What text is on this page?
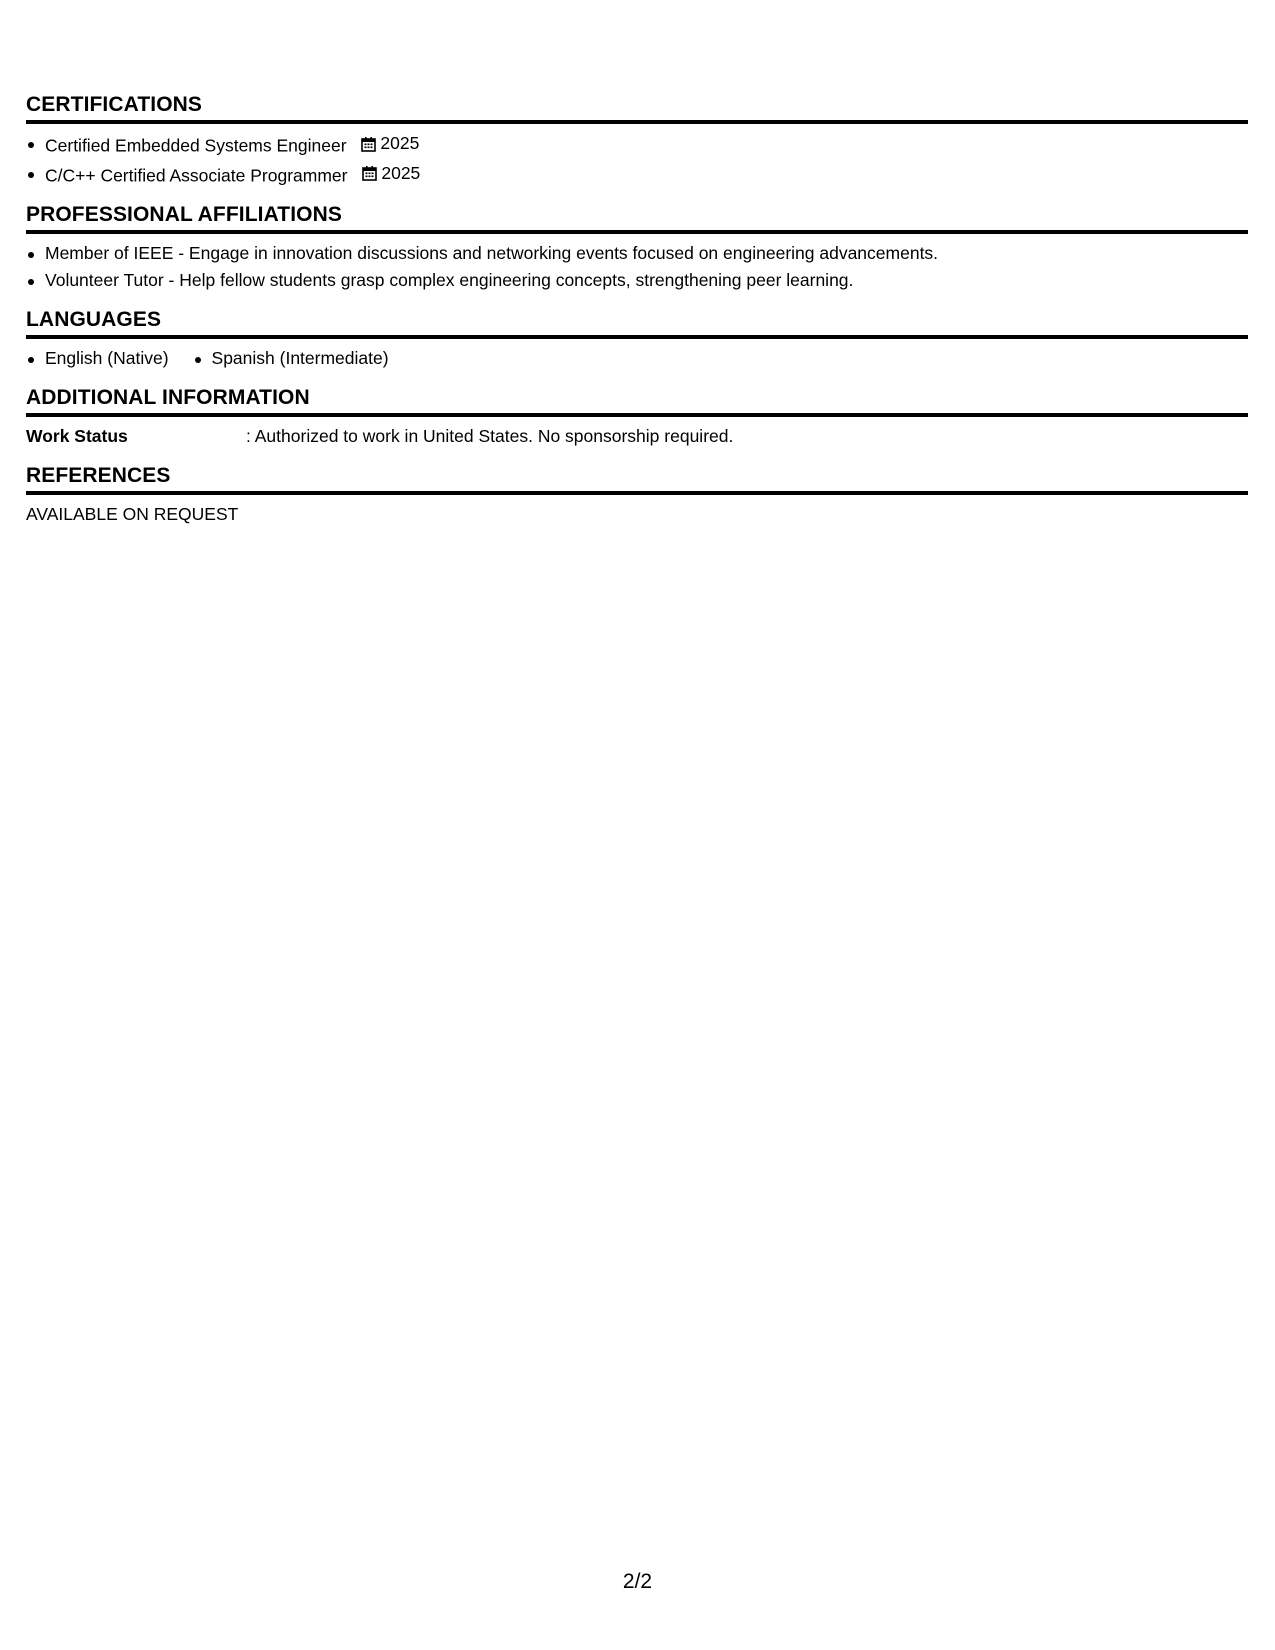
CERTIFICATIONS
Certified Embedded Systems Engineer 2025
C/C++ Certified Associate Programmer 2025
PROFESSIONAL AFFILIATIONS
Member of IEEE - Engage in innovation discussions and networking events focused on engineering advancements.
Volunteer Tutor - Help fellow students grasp complex engineering concepts, strengthening peer learning.
LANGUAGES
English (Native)	Spanish (Intermediate)
ADDITIONAL INFORMATION
Work Status	: Authorized to work in United States. No sponsorship required.
REFERENCES
AVAILABLE ON REQUEST
2/2
